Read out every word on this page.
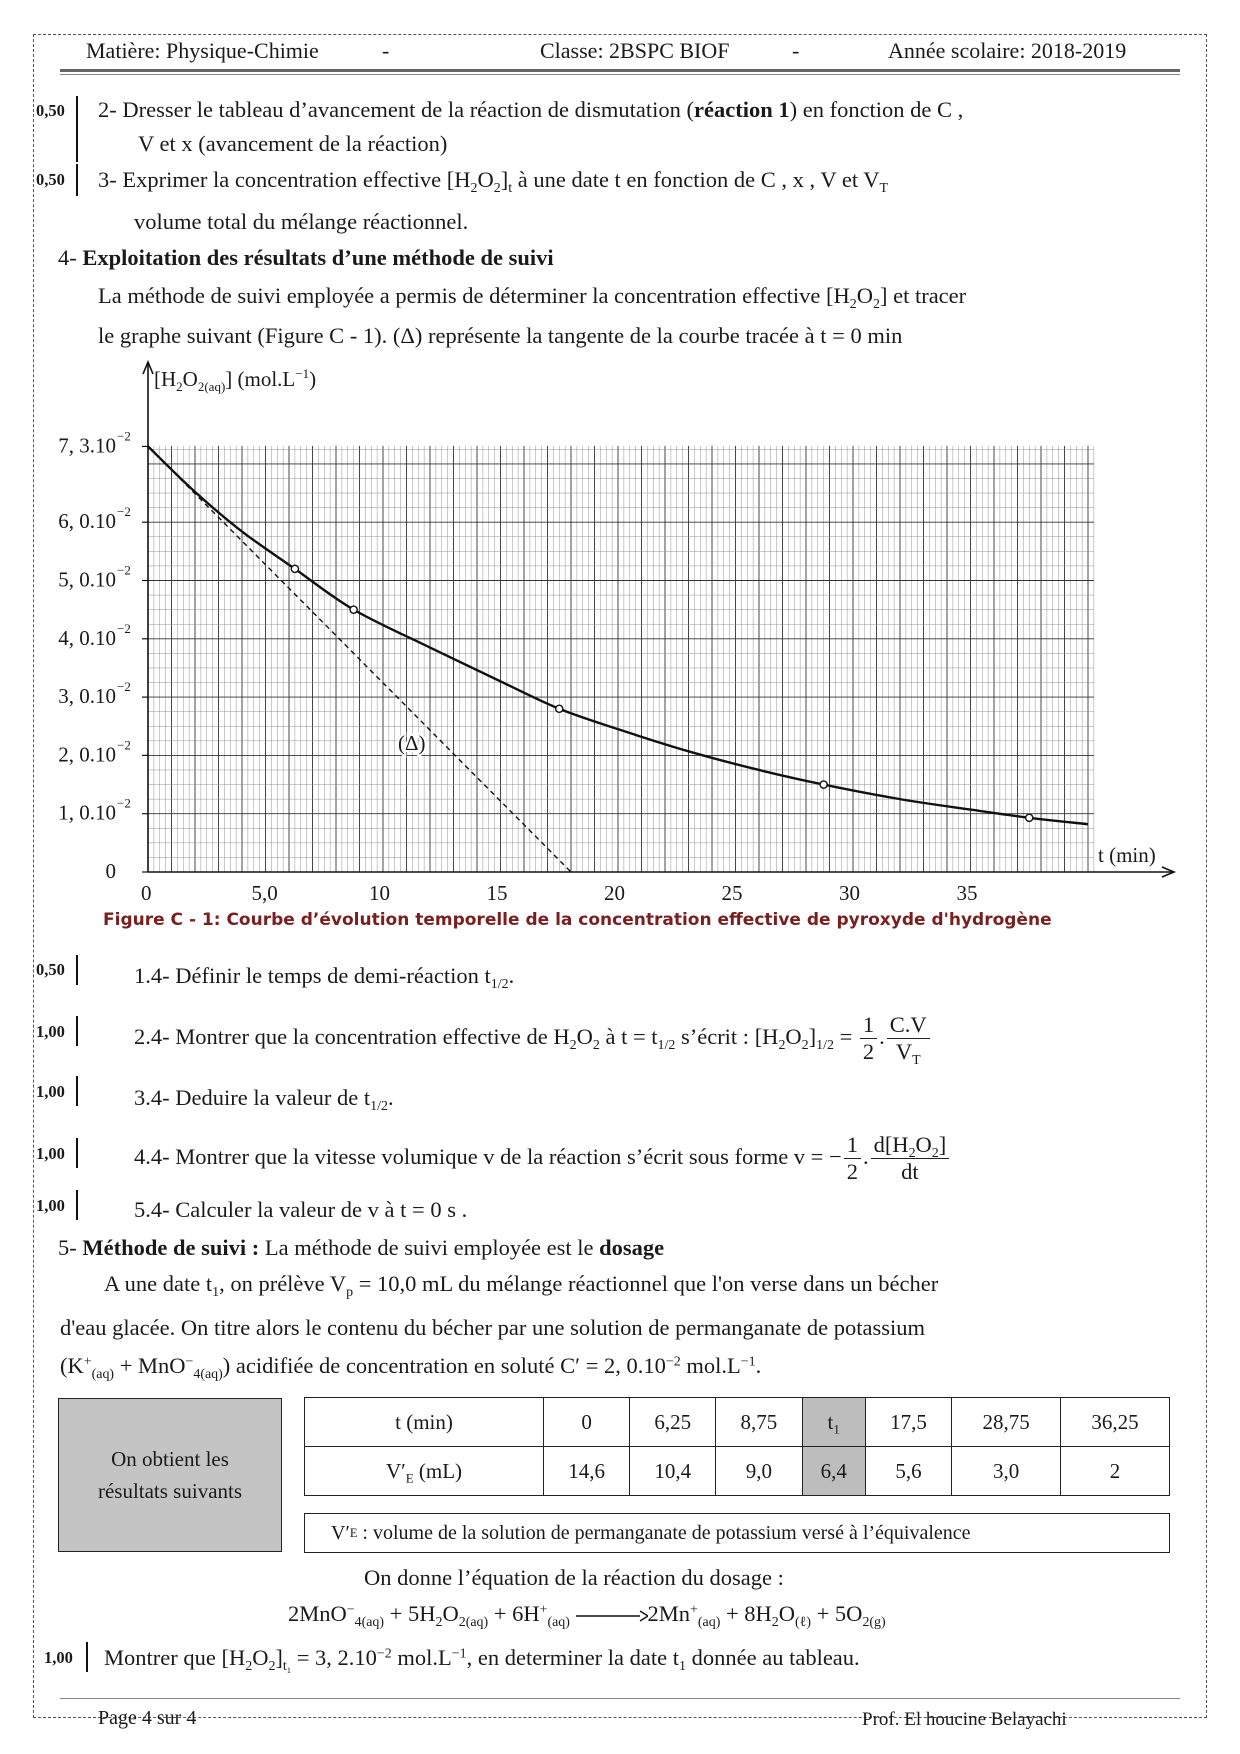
Matière: Physique-Chimie	-	Classe: 2BSPC BIOF	-	Année scolaire: 2018-2019
0,50 2- Dresser le tableau d’avancement de la réaction de dismutation (réaction 1) en fonction de C ,
V et x (avancement de la réaction)
0,50 3- Exprimer la concentration effective $[H_2O_2]_t$ à une date t en fonction de C , x , V et $V_T$
volume total du mélange réactionnel.
4- Exploitation des résultats d’une méthode de suivi
La méthode de suivi employée a permis de déterminer la concentration effective $[H_2O_2]$ et tracer
le graphe suivant (Figure C - 1). (Δ) représente la tangente de la courbe tracée à t = 0 min
0	5,0	10	15	20	25	30	35
0
1, 0.10 −2
2, 0.10 −2
3, 0.10 −2
4, 0.10 −2
5, 0.10 −2
6, 0.10 −2
7, 3.10 −2
$[H_2O_{2(aq)}]$ $(mol.L^{-1})$
t (min)
(Δ)
Figure C - 1: Courbe d’évolution temporelle de la concentration effective de pyroxyde d'hydrogène
0,50	1.4- Définir le temps de demi-réaction $t_{1/2}$.
1,00	2.4- Montrer que la concentration effective de $H_2O_2$ à $t = t_{1/2}$ s’écrit : $[H_2O_2]_{1/2} = \frac{1}{2}$ . $\frac{C.V}{V_T}$
1,00	3.4- Deduire la valeur de $t_{1/2}$.
1,00	4.4- Montrer que la vitesse volumique v de la réaction s’écrit sous forme v = − $\frac{1}{2}$ . $\frac{d[H_2O_2]}{dt}$
1,00	5.4- Calculer la valeur de v à t = 0 s .
5- Méthode de suivi : La méthode de suivi employée est le dosage
A une date $t_1$, on prélève $V_p = 10,0$ mL du mélange réactionnel que l'on verse dans un bécher
d'eau glacée. On titre alors le contenu du bécher par une solution de permanganate de potassium
$(K^+_{(aq)} + MnO^-_{4(aq)})$ acidifiée de concentration en soluté C′ = 2, $0.10^{-2}$ $mol.L^{-1}$.
On obtient les résultats suivants
t (min)	0	6,25	8,75	$t_1$	17,5	28,75	36,25
$V'_E$ (mL)	14,6	10,4	9,0	6,4	5,6	3,0	2
V′ E
: volume de la solution de permanganate de potassium versé à l’équivalence
On donne l’équation de la réaction du dosage :
$2MnO^-_{4(aq)} + 5H_2O_{2(aq)} + 6H^+_{(aq)}$	$2Mn^+_{(aq)} + 8H_2O_{(\ell)} + 5O_{2(g)}$
1,00 Montrer que $[H_2O_2]_{t_1} = 3$, $2.10^{-2}$ $mol.L^{-1}$, en determiner la date $t_1$ donnée au tableau.
Page 4 sur 4	Prof. El houcine Belayachi
